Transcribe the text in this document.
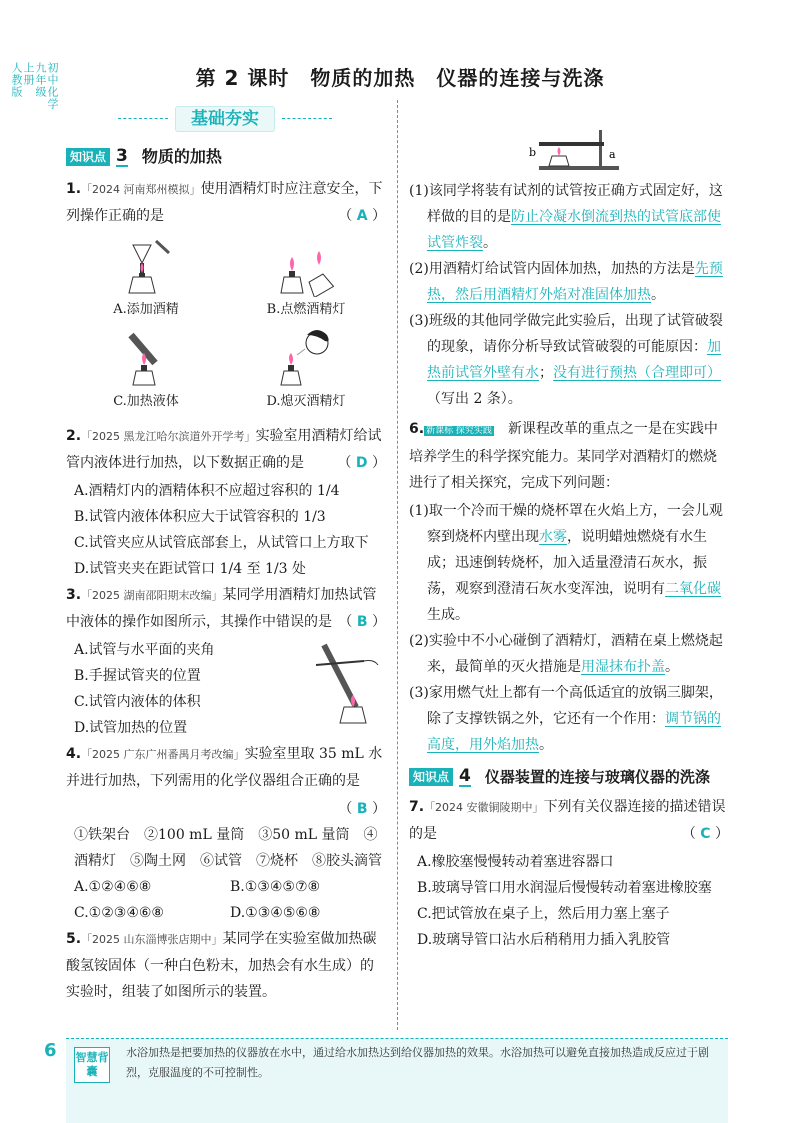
初中化学
九年级
上册
人教版	第 2 课时　物质的加热　仪器的连接与洗涤
基础夯实
知识点 3 物质的加热
1.「2024 河南郑州模拟」使用酒精灯时应注意安全，下列操作正确的是	（ A ）
A.添加酒精	B.点燃酒精灯
C.加热液体	D.熄灭酒精灯
2.「2025 黑龙江哈尔滨道外开学考」实验室用酒精灯给试管内液体进行加热，以下数据正确的是 （ D ）
A.酒精灯内的酒精体积不应超过容积的 1/4
B.试管内液体体积应大于试管容积的 1/3
C.试管夹应从试管底部套上，从试管口上方取下
D.试管夹夹在距试管口 1/4 至 1/3 处
3.「2025 湖南邵阳期末改编」某同学用酒精灯加热试管中液体的操作如图所示，其操作中错误的是 （ B ）
A.试管与水平面的夹角
B.手握试管夹的位置
C.试管内液体的体积
D.试管加热的位置
4.「2025 广东广州番禺月考改编」实验室里取 35 mL 水并进行加热，下列需用的化学仪器组合正确的是
（ B ）
①铁架台　②100 mL 量筒　③50 mL 量筒　④酒精灯　⑤陶土网　⑥试管　⑦烧杯　⑧胶头滴管
A.①②④⑥⑧	B.①③④⑤⑦⑧
C.①②③④⑥⑧	D.①③④⑤⑥⑧
5.「2025 山东淄博张店期中」某同学在实验室做加热碳酸氢铵固体（一种白色粉末，加热会有水生成）的实验时，组装了如图所示的装置。
b	a
(1)该同学将装有试剂的试管按正确方式固定好，这样做的目的是防止冷凝水倒流到热的试管底部使试管炸裂。
(2)用酒精灯给试管内固体加热，加热的方法是先预热，然后用酒精灯外焰对准固体加热。
(3)班级的其他同学做完此实验后，出现了试管破裂的现象，请你分析导致试管破裂的可能原因：加热前试管外壁有水；没有进行预热（合理即可）（写出 2 条）。
6. 新课标 探究实践　 新课程改革的重点之一是在实践中培养学生的科学探究能力。某同学对酒精灯的燃烧进行了相关探究，完成下列问题：
(1)取一个冷而干燥的烧杯罩在火焰上方，一会儿观察到烧杯内壁出现水雾，说明蜡烛燃烧有水生成；迅速倒转烧杯，加入适量澄清石灰水，振荡，观察到澄清石灰水变浑浊，说明有二氧化碳生成。
(2)实验中不小心碰倒了酒精灯，酒精在桌上燃烧起来，最简单的灭火措施是用湿抹布扑盖。
(3)家用燃气灶上都有一个高低适宜的放锅三脚架，除了支撑铁锅之外，它还有一个作用：调节锅的高度，用外焰加热。
知识点 4 仪器装置的连接与玻璃仪器的洗涤
7.「2024 安徽铜陵期中」下列有关仪器连接的描述错误的是	（ C ）
A.橡胶塞慢慢转动着塞进容器口
B.玻璃导管口用水润湿后慢慢转动着塞进橡胶塞
C.把试管放在桌子上，然后用力塞上塞子
D.玻璃导管口沾水后稍稍用力插入乳胶管
6 智慧背囊
水浴加热是把要加热的仪器放在水中，通过给水加热达到给仪器加热的效果。水浴加热可以避免直接加热造成反应过于剧烈，克服温度的不可控制性。
